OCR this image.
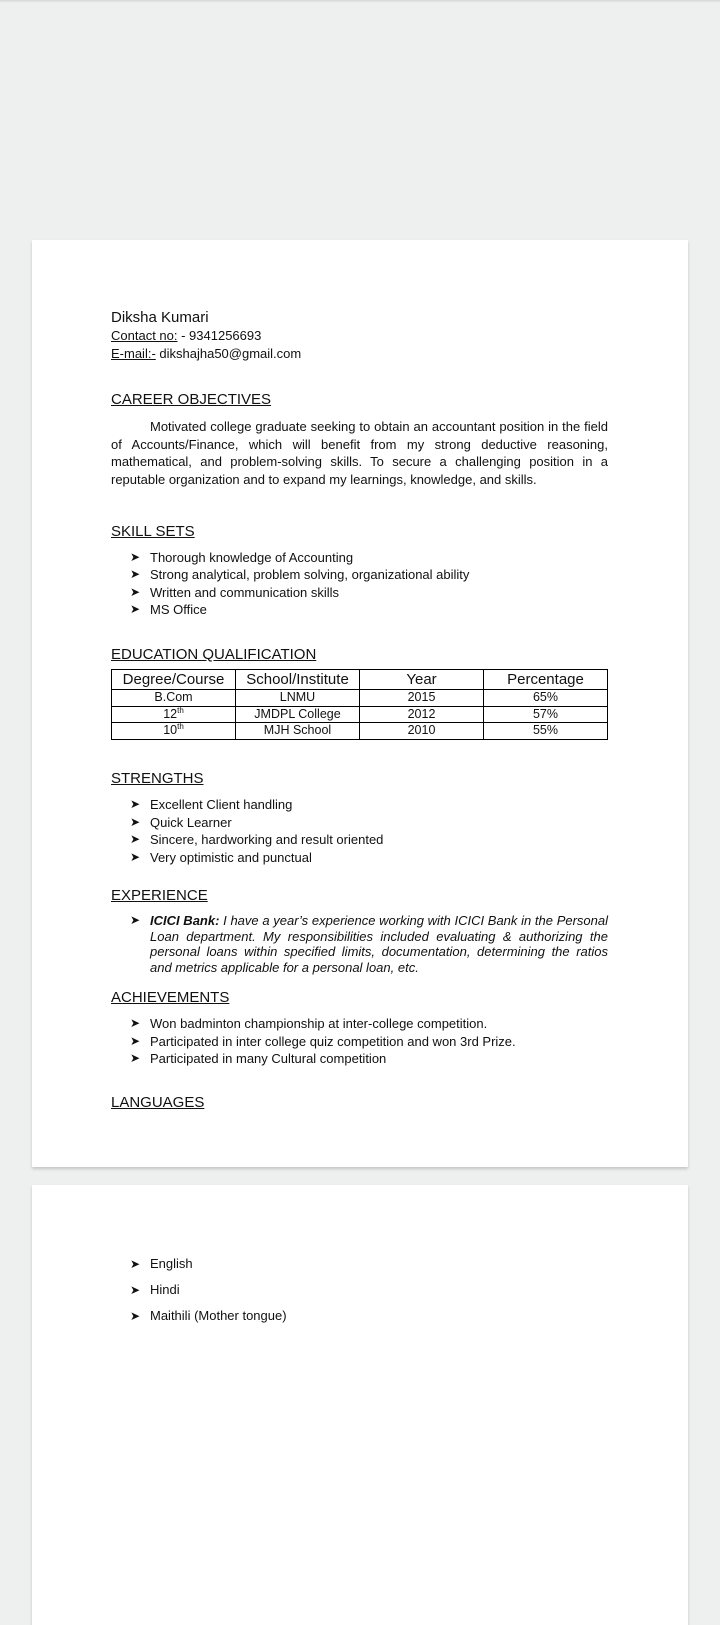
Diksha Kumari
Contact no: - 9341256693
E-mail:- dikshajha50@gmail.com
CAREER OBJECTIVES

Motivated college graduate seeking to obtain an accountant position in the field of Accounts/Finance, which will benefit from my strong deductive reasoning, mathematical, and problem-solving skills. To secure a challenging position in a reputable organization and to expand my learnings, knowledge, and skills.

SKILL SETS
➤ Thorough knowledge of Accounting
➤ Strong analytical, problem solving, organizational ability
➤ Written and communication skills
➤ MS Office
EDUCATION QUALIFICATION
Degree/Course	School/Institute	Year	Percentage
B.Com	LNMU	2015	65%
12th	JMDPL College	2012	57%
10th	MJH School	2010	55%
STRENGTHS
➤ Excellent Client handling
➤ Quick Learner
➤ Sincere, hardworking and result oriented
➤ Very optimistic and punctual
EXPERIENCE
➤ ICICI Bank: I have a year’s experience working with ICICI Bank in the Personal Loan department. My responsibilities included evaluating & authorizing the personal loans within specified limits, documentation, determining the ratios and metrics applicable for a personal loan, etc.
ACHIEVEMENTS
➤ Won badminton championship at inter-college competition.
➤ Participated in inter college quiz competition and won 3rd Prize.
➤ Participated in many Cultural competition
LANGUAGES
➤ English
➤ Hindi
➤ Maithili (Mother tongue)
